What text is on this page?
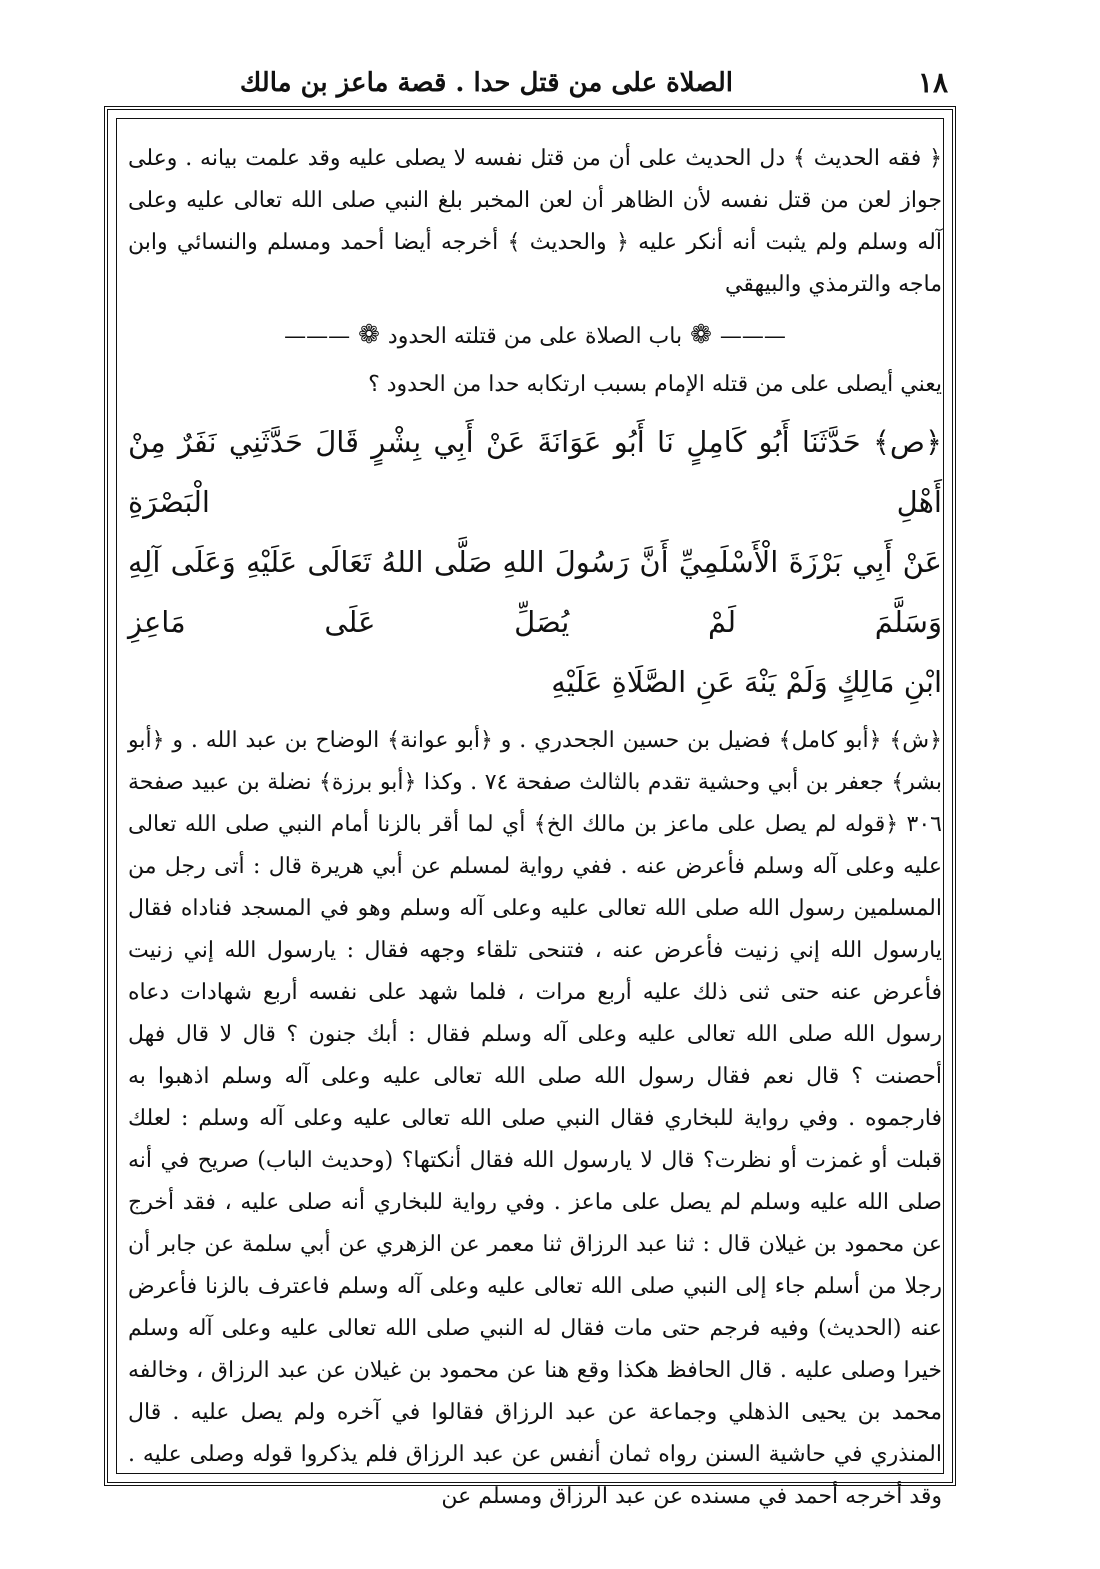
١٨
الصلاة على من قتل حدا . قصة ماعز بن مالك

﴿ فقه الحديث ﴾ دل الحديث على أن من قتل نفسه لا يصلى عليه وقد علمت بيانه . وعلى جواز لعن من قتل نفسه لأن الظاهر أن لعن المخبر بلغ النبي صلى الله تعالى عليه وعلى آله وسلم ولم يثبت أنه أنكر عليه ﴿ والحديث ﴾ أخرجه أيضا أحمد ومسلم والنسائي وابن ماجه والترمذي والبيهقي

———❁باب الصلاة على من قتلته الحدود❁———

يعني أيصلى على من قتله الإمام بسبب ارتكابه حدا من الحدود ؟

﴿ص﴾ حَدَّثَنَا أَبُو كَامِلٍ نَا أَبُو عَوَانَةَ عَنْ أَبِي بِشْرٍ قَالَ حَدَّثَنِي نَفَرٌ مِنْ أَهْلِ الْبَصْرَةِ
عَنْ أَبِي بَرْزَةَ الْأَسْلَمِيِّ أَنَّ رَسُولَ اللهِ صَلَّى اللهُ تَعَالَى عَلَيْهِ وَعَلَى آلِهِ وَسَلَّمَ لَمْ يُصَلِّ عَلَى مَاعِزِ
ابْنِ مَالِكٍ وَلَمْ يَنْهَ عَنِ الصَّلَاةِ عَلَيْهِ

﴿ش﴾ ﴿أبو كامل﴾ فضيل بن حسين الجحدري . و ﴿أبو عوانة﴾ الوضاح بن عبد الله . و ﴿أبو بشر﴾ جعفر بن أبي وحشية تقدم بالثالث صفحة ٧٤ . وكذا ﴿أبو برزة﴾ نضلة بن عبيد صفحة ٣٠٦ ﴿قوله لم يصل على ماعز بن مالك الخ﴾ أي لما أقر بالزنا أمام النبي صلى الله تعالى عليه وعلى آله وسلم فأعرض عنه . ففي رواية لمسلم عن أبي هريرة قال : أتى رجل من المسلمين رسول الله صلى الله تعالى عليه وعلى آله وسلم وهو في المسجد فناداه فقال يارسول الله إني زنيت فأعرض عنه ، فتنحى تلقاء وجهه فقال : يارسول الله إني زنيت فأعرض عنه حتى ثنى ذلك عليه أربع مرات ، فلما شهد على نفسه أربع شهادات دعاه رسول الله صلى الله تعالى عليه وعلى آله وسلم فقال : أبك جنون ؟ قال لا قال فهل أحصنت ؟ قال نعم فقال رسول الله صلى الله تعالى عليه وعلى آله وسلم اذهبوا به فارجموه . وفي رواية للبخاري فقال النبي صلى الله تعالى عليه وعلى آله وسلم : لعلك قبلت أو غمزت أو نظرت؟ قال لا يارسول الله فقال أنكتها؟ (وحديث الباب) صريح في أنه صلى الله عليه وسلم لم يصل على ماعز . وفي رواية للبخاري أنه صلى عليه ، فقد أخرج عن محمود بن غيلان قال : ثنا عبد الرزاق ثنا معمر عن الزهري عن أبي سلمة عن جابر أن رجلا من أسلم جاء إلى النبي صلى الله تعالى عليه وعلى آله وسلم فاعترف بالزنا فأعرض عنه (الحديث) وفيه فرجم حتى مات فقال له النبي صلى الله تعالى عليه وعلى آله وسلم خيرا وصلى عليه . قال الحافظ هكذا وقع هنا عن محمود بن غيلان عن عبد الرزاق ، وخالفه محمد بن يحيى الذهلي وجماعة عن عبد الرزاق فقالوا في آخره ولم يصل عليه . قال المنذري في حاشية السنن رواه ثمان أنفس عن عبد الرزاق فلم يذكروا قوله وصلى عليه . وقد أخرجه أحمد في مسنده عن عبد الرزاق ومسلم عن
